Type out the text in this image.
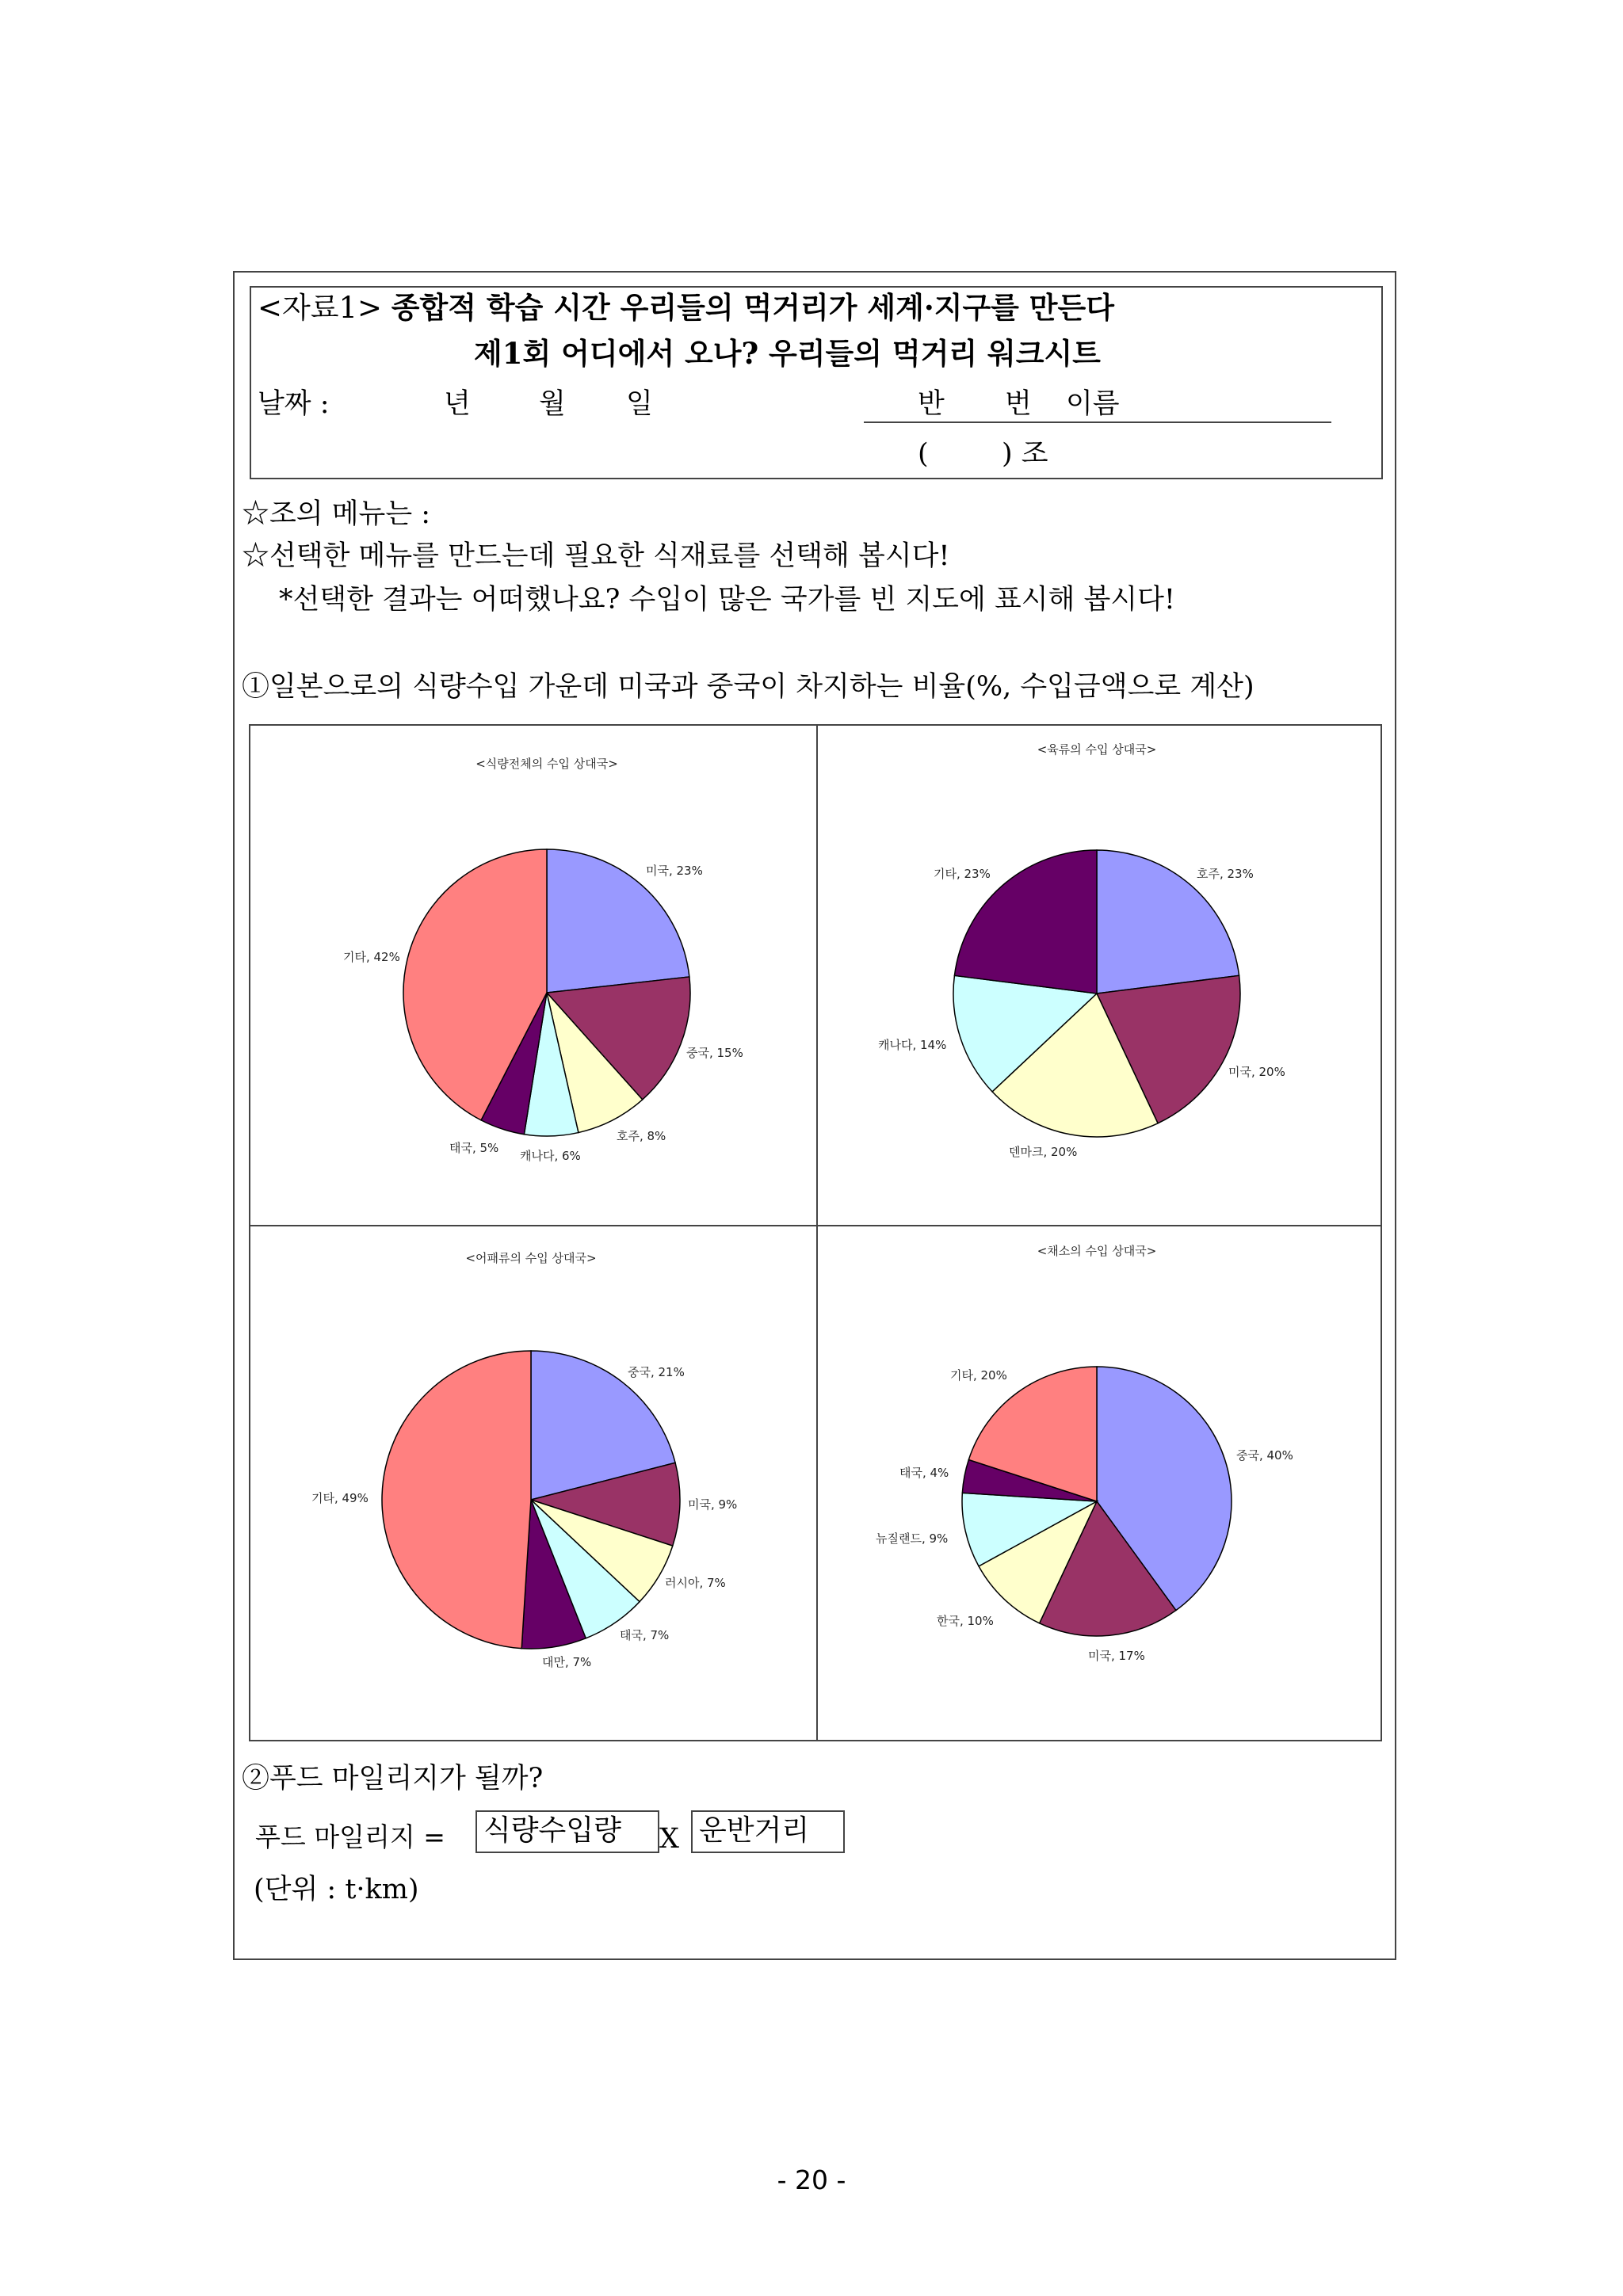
<자료1> 종합적 학습 시간 우리들의 먹거리가 세계·지구를 만든다
제1회 어디에서 오나? 우리들의 먹거리 워크시트
날짜 :	년 월 일	반 번 이름
(	) 조
☆조의 메뉴는 :
☆선택한 메뉴를 만드는데 필요한 식재료를 선택해 봅시다!
*선택한 결과는 어떠했나요? 수입이 많은 국가를 빈 지도에 표시해 봅시다!
①일본으로의 식량수입 가운데 미국과 중국이 차지하는 비율(%, 수입금액으로 계산)
<식량전체의 수입 상대국>
미국, 23%
중국, 15%
호주, 8%
캐나다, 6%
태국, 5%
기타, 42%
<육류의 수입 상대국>
호주, 23%
미국, 20%
덴마크, 20%
캐나다, 14%
기타, 23%
<어패류의 수입 상대국>
중국, 21%
미국, 9%
러시아, 7%
태국, 7%
대만, 7%
기타, 49%
<채소의 수입 상대국>
중국, 40%
미국, 17%
한국, 10%
뉴질랜드, 9%
태국, 4%
기타, 20%
②푸드 마일리지가 될까?
푸드 마일리지 = 식량수입량	X 운반거리
(단위 : t·km)
- 20 -
